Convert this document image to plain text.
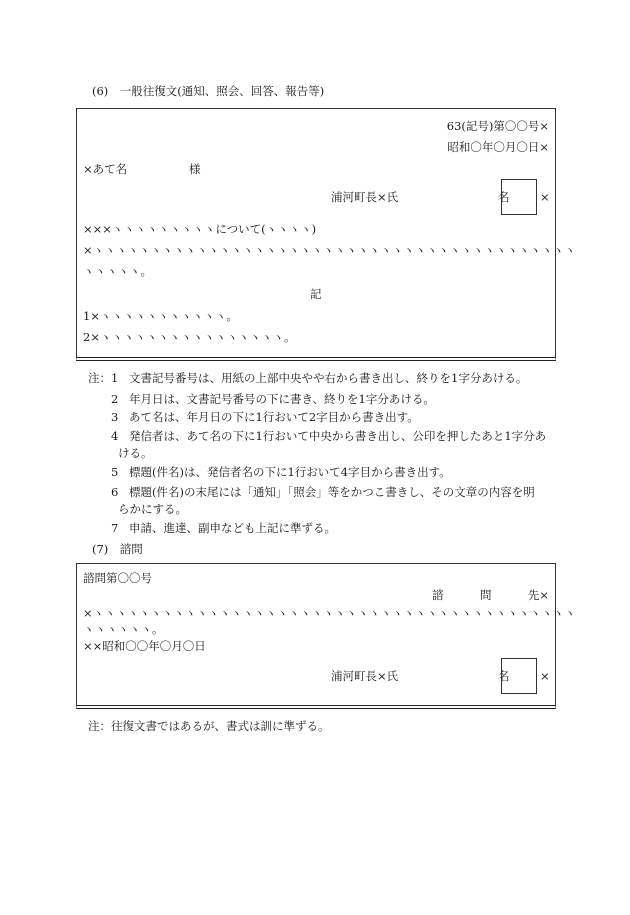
(6)　一般往復文(通知、照会、回答、報告等)
63(記号)第〇〇号×
昭和〇年〇月〇日×
×あて名	様
浦河町長×氏	名	×
×××ヽヽヽヽヽヽヽヽヽについて(ヽヽヽヽ)
×ヽヽヽヽヽヽヽヽヽヽヽヽヽヽヽヽヽヽヽヽヽヽヽヽヽヽヽヽヽヽヽヽヽヽヽヽヽヽヽヽヽヽ
ヽヽヽヽヽ。
記
1×ヽヽヽヽヽヽヽヽヽヽヽ。
2×ヽヽヽヽヽヽヽヽヽヽヽヽヽヽヽヽ。
注： 1 文書記号番号は、用紙の上部中央やや右から書き出し、終りを1字分あける。
2 年月日は、文書記号番号の下に書き、終りを1字分あける。
3 あて名は、年月日の下に1行おいて2字目から書き出す。
4 発信者は、あて名の下に1行おいて中央から書き出し、公印を押したあと1字分あ
ける。
5 標題(件名)は、発信者名の下に1行おいて4字目から書き出す。
6 標題(件名)の末尾には「通知」「照会」等をかつこ書きし、その文章の内容を明
らかにする。
7 申請、進達、副申なども上記に準ずる。
(7)　諮問
諮問第〇〇号
諮	問	先×
×ヽヽヽヽヽヽヽヽヽヽヽヽヽヽヽヽヽヽヽヽヽヽヽヽヽヽヽヽヽヽヽヽヽヽヽヽヽヽヽヽヽヽ
ヽヽヽヽヽヽ。
××昭和〇〇年〇月〇日
浦河町長×氏	名	×
注：往復文書ではあるが、書式は訓に準ずる。
